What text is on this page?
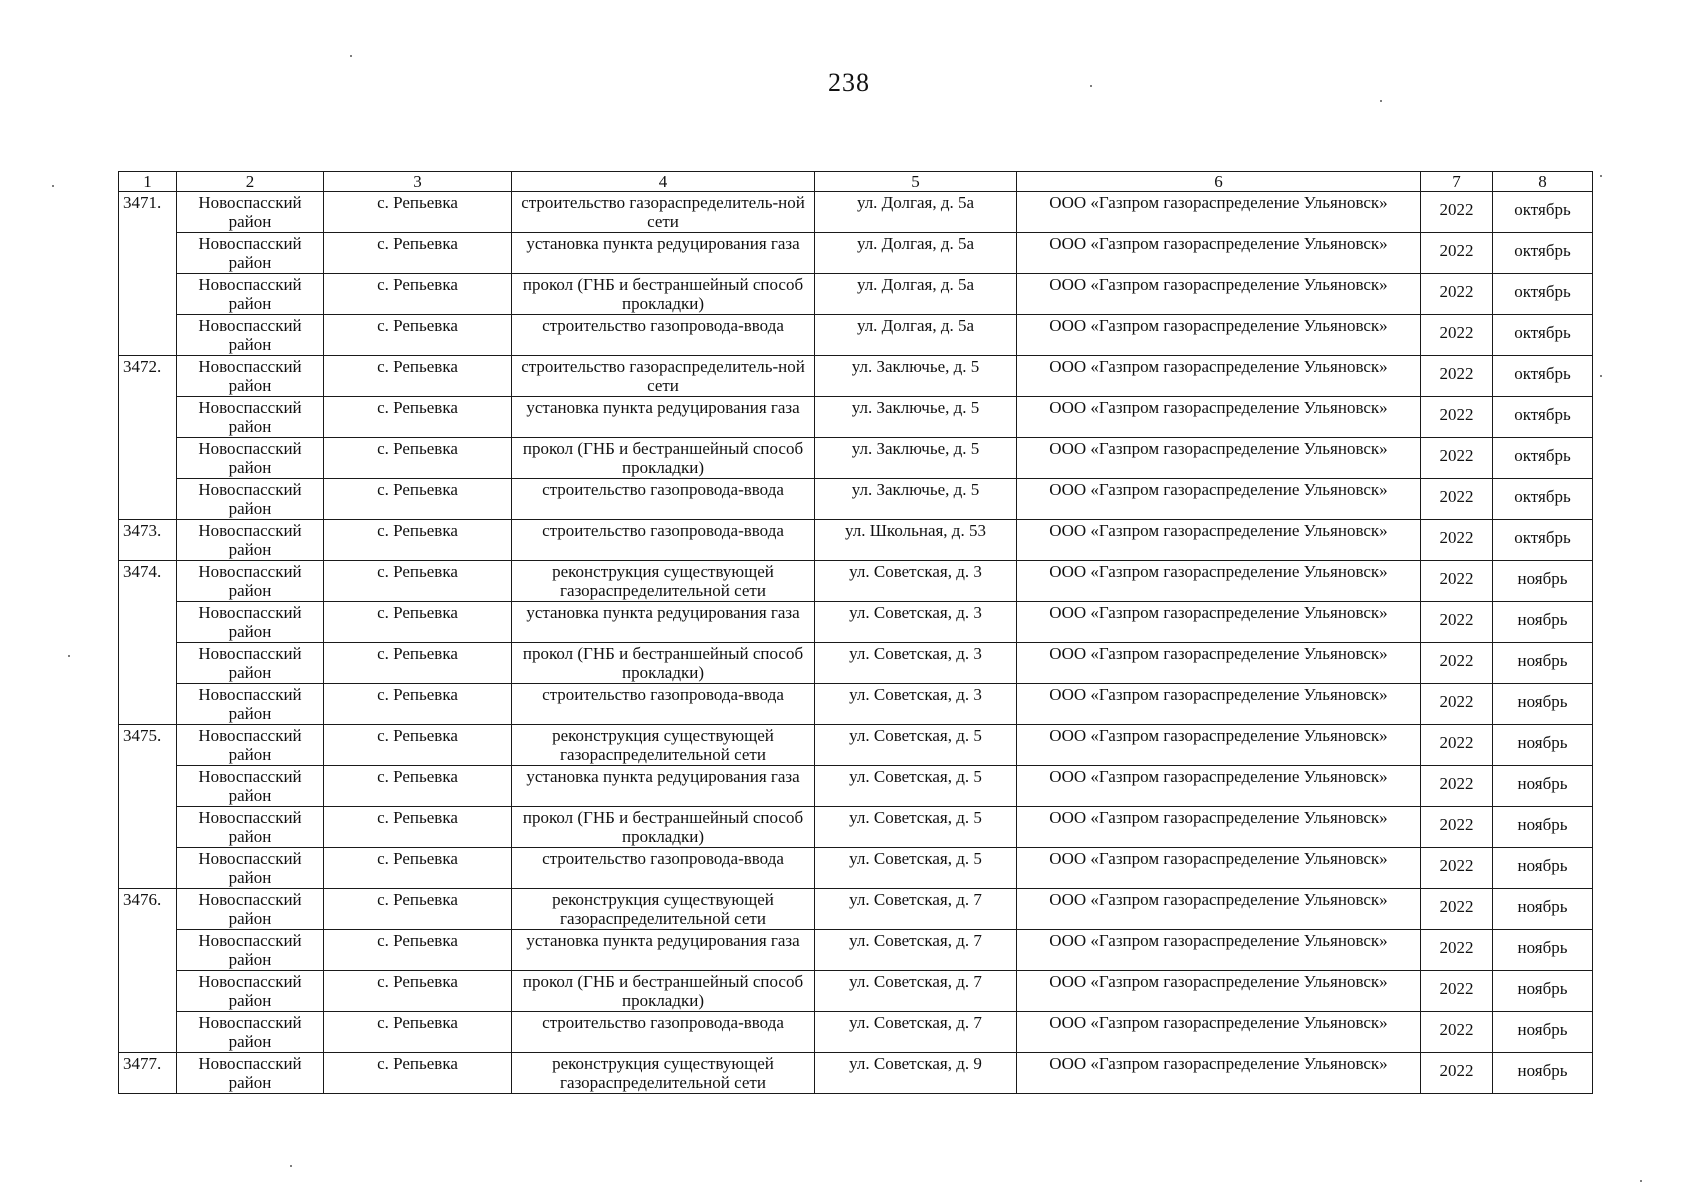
238
1	2	3	4	5	6	7	8
3471.	Новоспасский район	с. Репьевка	строительство газораспределитель-ной сети	ул. Долгая, д. 5а	ООО «Газпром газораспределение Ульяновск»	2022	октябрь
	Новоспасский район	с. Репьевка	установка пункта редуцирования газа	ул. Долгая, д. 5а	ООО «Газпром газораспределение Ульяновск»	2022	октябрь
	Новоспасский район	с. Репьевка	прокол (ГНБ и бестраншейный способ прокладки)	ул. Долгая, д. 5а	ООО «Газпром газораспределение Ульяновск»	2022	октябрь
	Новоспасский район	с. Репьевка	строительство газопровода-ввода	ул. Долгая, д. 5а	ООО «Газпром газораспределение Ульяновск»	2022	октябрь
3472.	Новоспасский район	с. Репьевка	строительство газораспределитель-ной сети	ул. Заключье, д. 5	ООО «Газпром газораспределение Ульяновск»	2022	октябрь
	Новоспасский район	с. Репьевка	установка пункта редуцирования газа	ул. Заключье, д. 5	ООО «Газпром газораспределение Ульяновск»	2022	октябрь
	Новоспасский район	с. Репьевка	прокол (ГНБ и бестраншейный способ прокладки)	ул. Заключье, д. 5	ООО «Газпром газораспределение Ульяновск»	2022	октябрь
	Новоспасский район	с. Репьевка	строительство газопровода-ввода	ул. Заключье, д. 5	ООО «Газпром газораспределение Ульяновск»	2022	октябрь
3473.	Новоспасский район	с. Репьевка	строительство газопровода-ввода	ул. Школьная, д. 53	ООО «Газпром газораспределение Ульяновск»	2022	октябрь
3474.	Новоспасский район	с. Репьевка	реконструкция существующей газораспределительной сети	ул. Советская, д. 3	ООО «Газпром газораспределение Ульяновск»	2022	ноябрь
	Новоспасский район	с. Репьевка	установка пункта редуцирования газа	ул. Советская, д. 3	ООО «Газпром газораспределение Ульяновск»	2022	ноябрь
	Новоспасский район	с. Репьевка	прокол (ГНБ и бестраншейный способ прокладки)	ул. Советская, д. 3	ООО «Газпром газораспределение Ульяновск»	2022	ноябрь
	Новоспасский район	с. Репьевка	строительство газопровода-ввода	ул. Советская, д. 3	ООО «Газпром газораспределение Ульяновск»	2022	ноябрь
3475.	Новоспасский район	с. Репьевка	реконструкция существующей газораспределительной сети	ул. Советская, д. 5	ООО «Газпром газораспределение Ульяновск»	2022	ноябрь
	Новоспасский район	с. Репьевка	установка пункта редуцирования газа	ул. Советская, д. 5	ООО «Газпром газораспределение Ульяновск»	2022	ноябрь
	Новоспасский район	с. Репьевка	прокол (ГНБ и бестраншейный способ прокладки)	ул. Советская, д. 5	ООО «Газпром газораспределение Ульяновск»	2022	ноябрь
	Новоспасский район	с. Репьевка	строительство газопровода-ввода	ул. Советская, д. 5	ООО «Газпром газораспределение Ульяновск»	2022	ноябрь
3476.	Новоспасский район	с. Репьевка	реконструкция существующей газораспределительной сети	ул. Советская, д. 7	ООО «Газпром газораспределение Ульяновск»	2022	ноябрь
	Новоспасский район	с. Репьевка	установка пункта редуцирования газа	ул. Советская, д. 7	ООО «Газпром газораспределение Ульяновск»	2022	ноябрь
	Новоспасский район	с. Репьевка	прокол (ГНБ и бестраншейный способ прокладки)	ул. Советская, д. 7	ООО «Газпром газораспределение Ульяновск»	2022	ноябрь
	Новоспасский район	с. Репьевка	строительство газопровода-ввода	ул. Советская, д. 7	ООО «Газпром газораспределение Ульяновск»	2022	ноябрь
3477.	Новоспасский район	с. Репьевка	реконструкция существующей газораспределительной сети	ул. Советская, д. 9	ООО «Газпром газораспределение Ульяновск»	2022	ноябрь
